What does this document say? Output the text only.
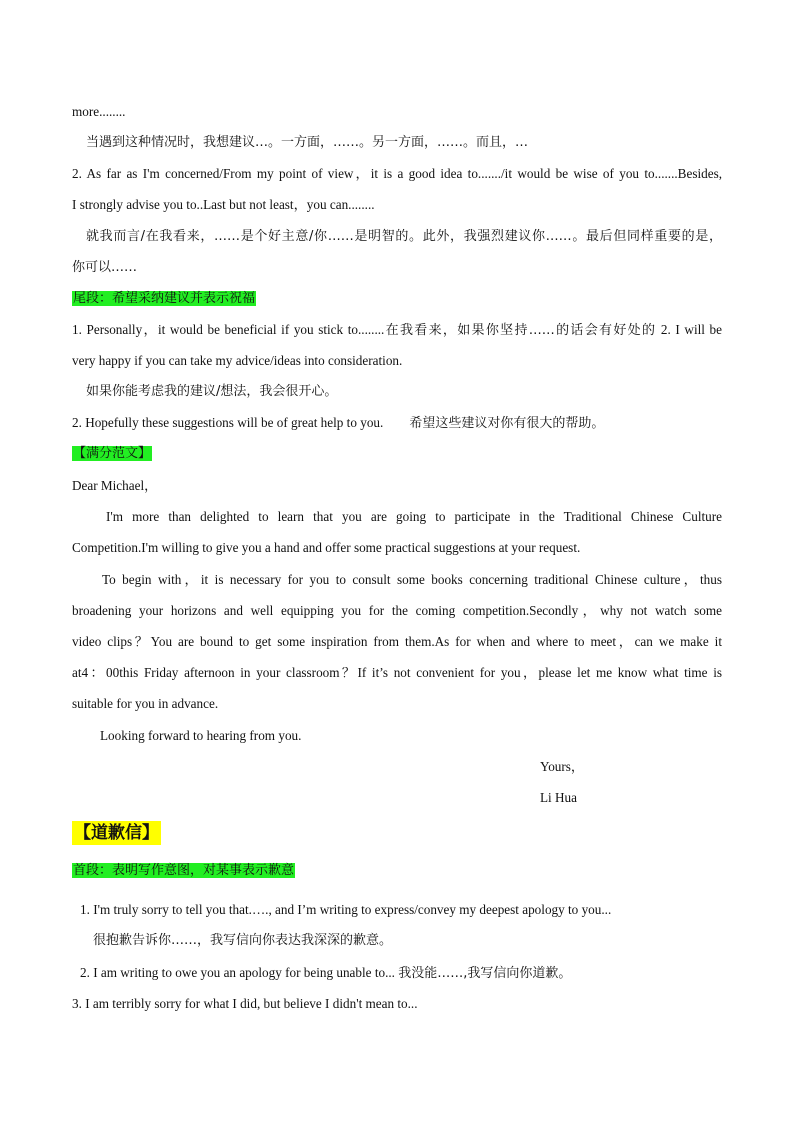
more........
当遇到这种情况时，我想建议…。一方面，……。另一方面，……。而且，…
2. As far as I'm concerned/From my point of view，it is a good idea to......./it would be wise of you to.......Besides,
I strongly advise you to..Last but not least，you can........
就我而言/在我看来，……是个好主意/你……是明智的。此外，我强烈建议你……。最后但同样重要的是，
你可以……
尾段：希望采纳建议并表示祝福
1. Personally，it would be beneficial if you stick to........在我看来，如果你坚持……的话会有好处的 2. I will be
very happy if you can take my advice/ideas into consideration.
如果你能考虑我的建议/想法，我会很开心。
2. Hopefully these suggestions will be of great help to you. 希望这些建议对你有很大的帮助。
【满分范文】
Dear Michael，
I'm more than delighted to learn that you are going to participate in the Traditional Chinese Culture
Competition.I'm willing to give you a hand and offer some practical suggestions at your request.
To begin with，it is necessary for you to consult some books concerning traditional Chinese culture，thus
broadening your horizons and well equipping you for the coming competition.Secondly，why not watch some
video clips？You are bound to get some inspiration from them.As for when and where to meet，can we make it
at4：00this Friday afternoon in your classroom？If it’s not convenient for you，please let me know what time is
suitable for you in advance.
Looking forward to hearing from you.
Yours，
Li Hua
【道歉信】
首段：表明写作意图，对某事表示歉意
1. I'm truly sorry to tell you that.…., and I’m writing to express/convey my deepest apology to you...
很抱歉告诉你……，我写信向你表达我深深的歉意。
2. I am writing to owe you an apology for being unable to... 我没能……,我写信向你道歉。
3. I am terribly sorry for what I did, but believe I didn't mean to...
